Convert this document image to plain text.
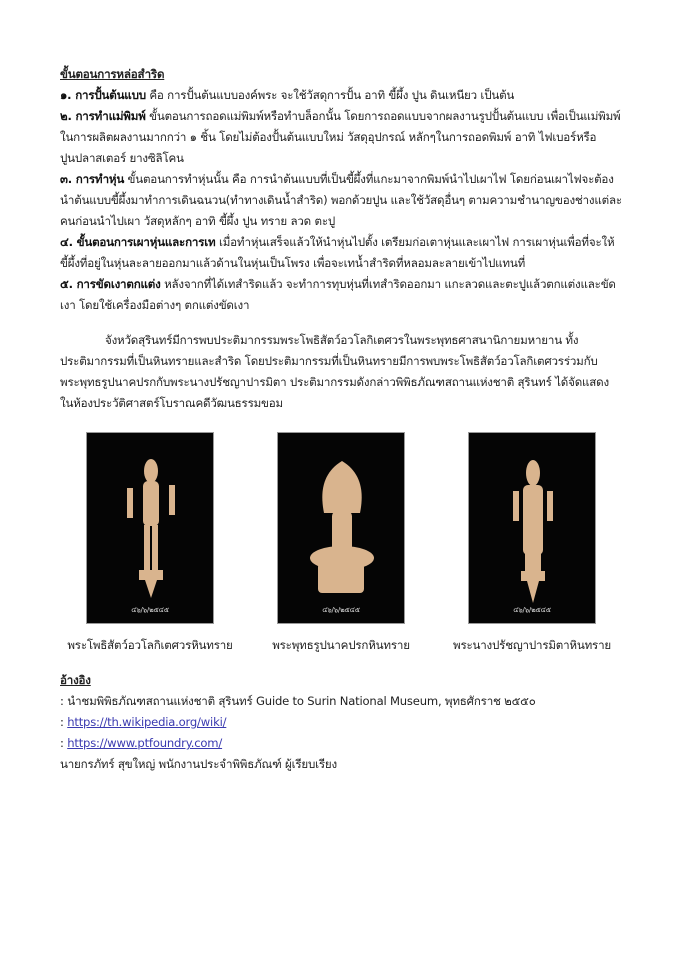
ขั้นตอนการหล่อสำริด

๑. การปั้นต้นแบบ คือ การปั้นต้นแบบองค์พระ จะใช้วัสดุการปั้น อาทิ ขี้ผึ้ง ปูน ดินเหนียว เป็นต้น

๒. การทำแม่พิมพ์ ขั้นตอนการถอดแม่พิมพ์หรือทำบล็อกนั้น โดยการถอดแบบจากผลงานรูปปั้นต้นแบบ เพื่อเป็นแม่พิมพ์ในการผลิตผลงานมากกว่า ๑ ชิ้น โดยไม่ต้องปั้นต้นแบบใหม่ วัสดุอุปกรณ์ หลักๆในการถอดพิมพ์ อาทิ ไฟเบอร์หรือปูนปลาสเตอร์ ยางซิลิโคน

๓. การทำหุ่น ขั้นตอนการทำหุ่นนั้น คือ การนำต้นแบบที่เป็นขี้ผึ้งที่แกะมาจากพิมพ์นำไปเผาไฟ โดยก่อนเผาไฟจะต้องนำต้นแบบขี้ผึ้งมาทำการเดินฉนวน(ทำทางเดินน้ำสำริด) พอกด้วยปูน และใช้วัสดุอื่นๆ ตามความชำนาญของช่างแต่ละคนก่อนนำไปเผา วัสดุหลักๆ อาทิ ขี้ผึ้ง ปูน ทราย ลวด ตะปู

๔. ขั้นตอนการเผาหุ่นและการเท เมื่อทำหุ่นเสร็จแล้วให้นำหุ่นไปตั้ง เตรียมก่อเตาหุ่นและเผาไฟ การเผาหุ่นเพื่อที่จะให้ขี้ผึ้งที่อยู่ในหุ่นละลายออกมาแล้วด้านในหุ่นเป็นโพรง เพื่อจะเทน้ำสำริดที่หลอมละลายเข้าไปแทนที่

๕. การขัดเงาตกแต่ง หลังจากที่ได้เทสำริดแล้ว จะทำการทุบหุ่นที่เทสำริดออกมา แกะลวดและตะปูแล้วตกแต่งและขัดเงา โดยใช้เครื่องมือต่างๆ ตกแต่งขัดเงา

จังหวัดสุรินทร์มีการพบประติมากรรมพระโพธิสัตว์อวโลกิเตศวรในพระพุทธศาสนานิกายมหายาน ทั้งประติมากรรมที่เป็นหินทรายและสำริด โดยประติมากรรมที่เป็นหินทรายมีการพบพระโพธิสัตว์อวโลกิเตศวรร่วมกับพระพุทธรูปนาคปรกกับพระนางปรัชญาปารมิตา ประติมากรรมดังกล่าวพิพิธภัณฑสถานแห่งชาติ สุรินทร์ ได้จัดแสดงในห้องประวัติศาสตร์โบราณคดีวัฒนธรรมขอม

๔๖/๖/๒๕๔๕
พระโพธิสัตว์อวโลกิเตศวรหินทราย
๔๖/๖/๒๕๔๕
พระพุทธรูปนาคปรกหินทราย
๔๖/๖/๒๕๔๕
พระนางปรัชญาปารมิตาหินทราย

อ้างอิง

: นำชมพิพิธภัณฑสถานแห่งชาติ สุรินทร์ Guide to Surin National Museum, พุทธศักราช ๒๕๕๐

: https://th.wikipedia.org/wiki/

: https://www.ptfoundry.com/

นายกรภัทร์ สุขใหญ่ พนักงานประจำพิพิธภัณฑ์ ผู้เรียบเรียง
